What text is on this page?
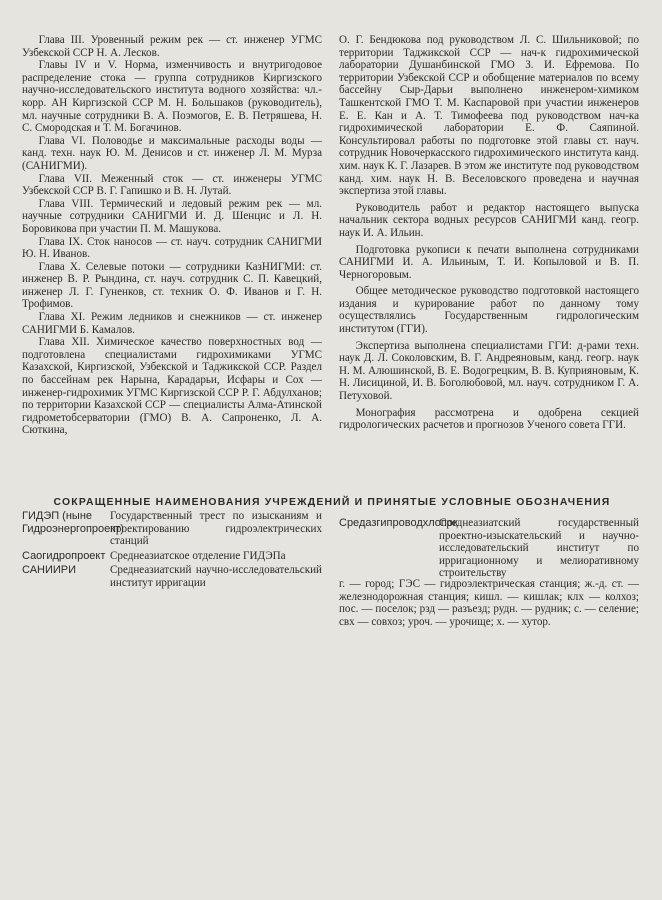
Глава III. Уровенный режим рек — ст. инженер УГМС Узбекской ССР Н. А. Лесков.

Главы IV и V. Норма, изменчивость и внутригодовое распределение стока — группа сотрудников Киргизского научно-исследовательского института водного хозяйства: чл.-корр. АН Киргизской ССР М. Н. Большаков (руководитель), мл. научные сотрудники В. А. Поэмогов, Е. В. Петряшева, Н. С. Смородская и Т. М. Богачинов.

Глава VI. Половодье и максимальные расходы воды — канд. техн. наук Ю. М. Денисов и ст. инженер Л. М. Мурза (САНИГМИ).

Глава VII. Меженный сток — ст. инженеры УГМС Узбекской ССР В. Г. Гапишко и В. Н. Лутай.

Глава VIII. Термический и ледовый режим рек — мл. научные сотрудники САНИГМИ И. Д. Шенцис и Л. Н. Боровикова при участии П. М. Машукова.

Глава IX. Сток наносов — ст. науч. сотрудник САНИГМИ Ю. Н. Иванов.

Глава X. Селевые потоки — сотрудники КазНИГМИ: ст. инженер В. Р. Рындина, ст. науч. сотрудник С. П. Кавецкий, инженер Л. Г. Гуненков, ст. техник О. Ф. Иванов и Г. Н. Трофимов.

Глава XI. Режим ледников и снежников — ст. инженер САНИГМИ Б. Камалов.

Глава XII. Химическое качество поверхностных вод — подготовлена специалистами гидрохимиками УГМС Казахской, Киргизской, Узбекской и Таджикской ССР. Раздел по бассейнам рек Нарына, Карадарьи, Исфары и Сох — инженер-гидрохимик УГМС Киргизской ССР Р. Г. Абдулханов; по территории Казахской ССР — специалисты Алма-Атинской гидрометобсерватории (ГМО) В. А. Сапроненко, Л. А. Сюткина,

О. Г. Бендюкова под руководством Л. С. Шильниковой; по территории Таджикской ССР — нач-к гидрохимической лаборатории Душанбинской ГМО З. И. Ефремова. По территории Узбекской ССР и обобщение материалов по всему бассейну Сыр-Дарьи выполнено инженером-химиком Ташкентской ГМО Т. М. Каспаровой при участии инженеров Е. Е. Кан и А. Т. Тимофеева под руководством нач-ка гидрохимической лаборатории Е. Ф. Саяпиной. Консультировал работы по подготовке этой главы ст. науч. сотрудник Новочеркасского гидрохимического института канд. хим. наук К. Г. Лазарев. В этом же институте под руководством канд. хим. наук Н. В. Веселовского проведена и научная экспертиза этой главы.

Руководитель работ и редактор настоящего выпуска начальник сектора водных ресурсов САНИГМИ канд. геогр. наук И. А. Ильин.

Подготовка рукописи к печати выполнена сотрудниками САНИГМИ И. А. Ильиным, Т. И. Копыловой и В. П. Черногоровым.

Общее методическое руководство подготовкой настоящего издания и курирование работ по данному тому осуществлялись Государственным гидрологическим институтом (ГГИ).

Экспертиза выполнена специалистами ГГИ: д-рами техн. наук Д. Л. Соколовским, В. Г. Андреяновым, канд. геогр. наук Н. М. Алюшинской, В. Е. Водогрецким, В. В. Куприяновым, К. Н. Лисициной, И. В. Боголюбовой, мл. науч. сотрудником Г. А. Петуховой.

Монография рассмотрена и одобрена секцией гидрологических расчетов и прогнозов Ученого совета ГГИ.

СОКРАЩЕННЫЕ НАИМЕНОВАНИЯ УЧРЕЖДЕНИЙ И ПРИНЯТЫЕ УСЛОВНЫЕ ОБОЗНАЧЕНИЯ
ГИДЭП (ныне Гидроэнергопроект)
Государственный трест по изысканиям и проектированию гидроэлектрических станций
Саогидропроект Среднеазиатское отделение ГИДЭПа
САНИИРИ	Среднеазиатский научно-исследовательский институт ирригации
Средазгипроводхлопок
Среднеазиатский государственный проектно-изыскательский и научно-исследовательский институт по ирригационному и мелиоративному строительству
г. — город; ГЭС — гидроэлектрическая станция; ж.-д. ст. — железнодорожная станция; кишл. — кишлак; клх — колхоз; пос. — поселок; рзд — разъезд; рудн. — рудник; с. — селение; свх — совхоз; уроч. — урочище; х. — хутор.
